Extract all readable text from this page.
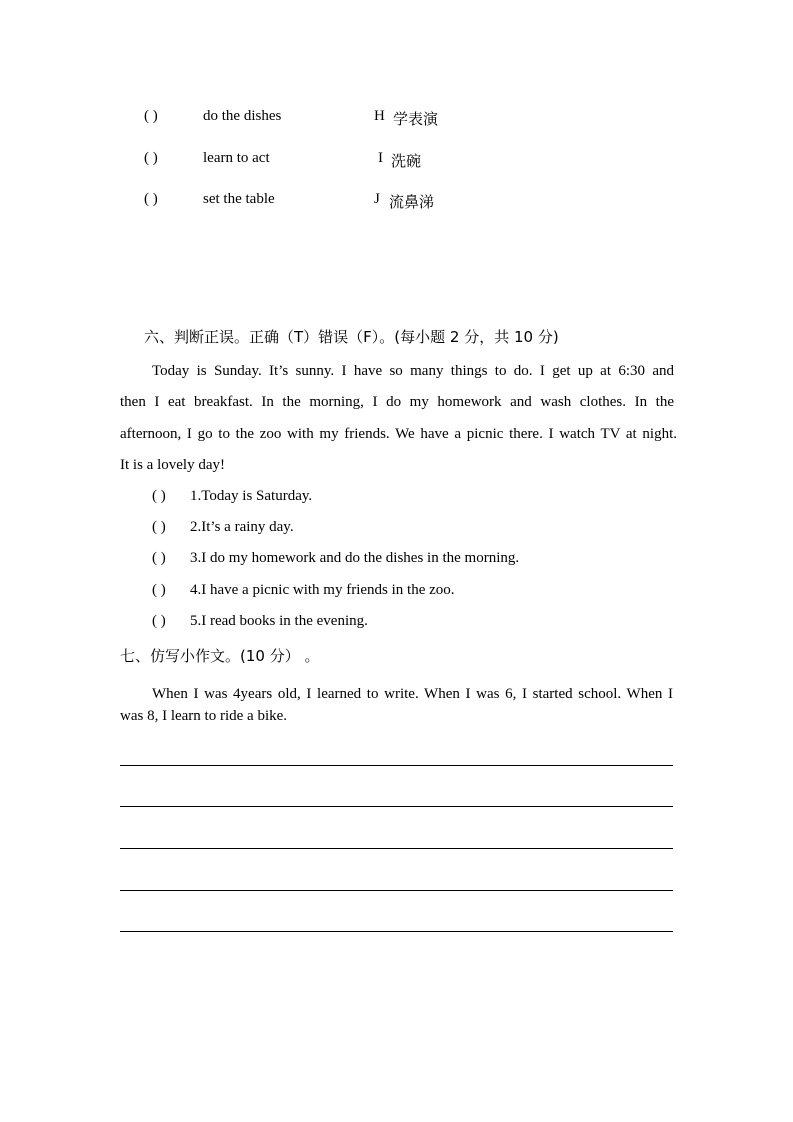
( )	do the dishes	H 学表演
( )	learn to act	I 洗碗
( )	set the table	J 流鼻涕
六、判断正误。正确（T）错误（F）。(每小题 2 分，共 10 分)
Today is Sunday. It’s sunny. I have so many things to do. I get up at 6:30 and
then I eat breakfast. In the morning, I do my homework and wash clothes. In the
afternoon, I go to the zoo with my friends. We have a picnic there. I watch TV at night.
It is a lovely day!
( ) 1.Today is Saturday.
( ) 2.It’s a rainy day.
( ) 3.I do my homework and do the dishes in the morning.
( ) 4.I have a picnic with my friends in the zoo.
( ) 5.I read books in the evening.
七、仿写小作文。(10 分） 。
When I was 4years old, I learned to write. When I was 6, I started school. When I
was 8, I learn to ride a bike.
